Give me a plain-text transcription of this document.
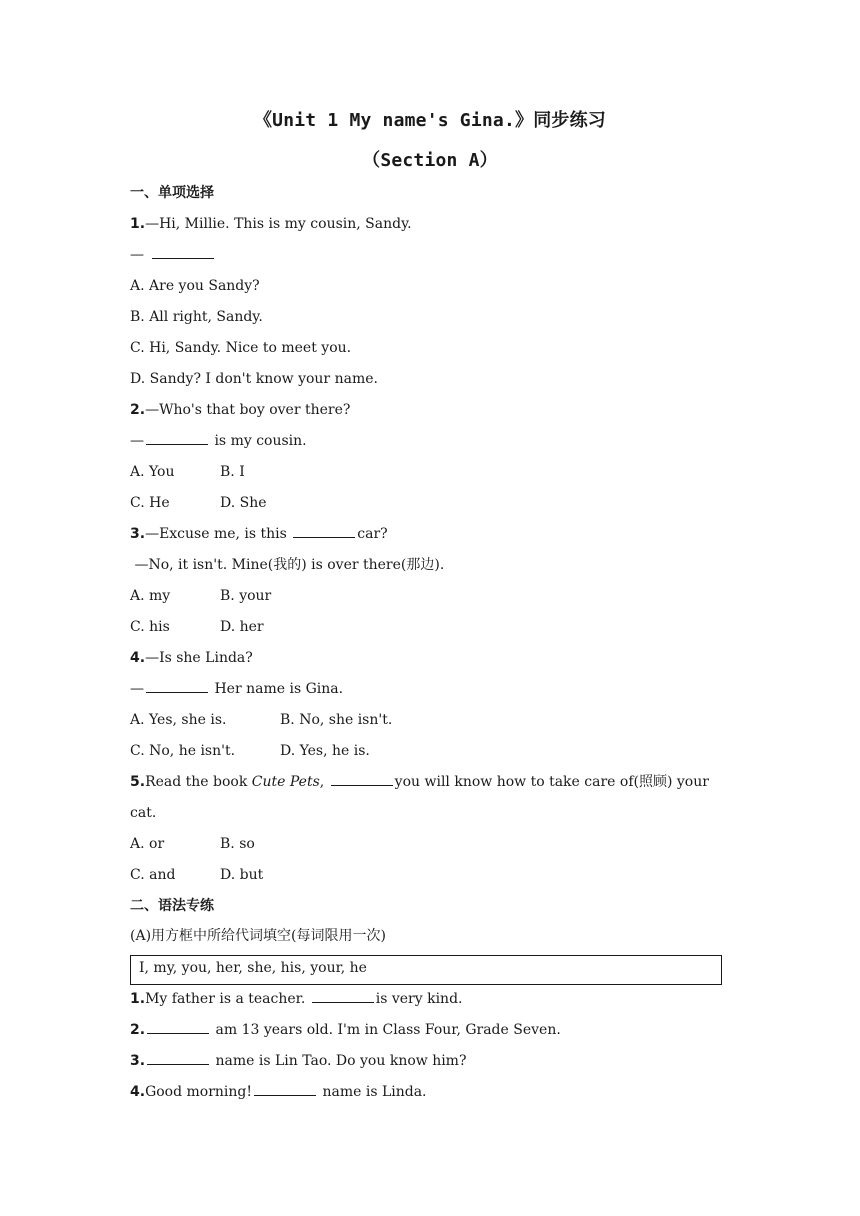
《Unit 1 My name's Gina.》同步练习
（Section A）
一、单项选择
1.—Hi, Millie. This is my cousin, Sandy.
—
A. Are you Sandy?
B. All right, Sandy.
C. Hi, Sandy. Nice to meet you.
D. Sandy? I don't know your name.
2.—Who's that boy over there?
—	is my cousin.
A. You	B. I
C. He	D. She
3.—Excuse me, is this	car?
—No, it isn't. Mine(我的) is over there(那边).
A. my	B. your
C. his	D. her
4.—Is she Linda?
—	Her name is Gina.
A. Yes, she is.	B. No, she isn't.
C. No, he isn't.	D. Yes, he is.
5.Read the book Cute Pets,	you will know how to take care of(照顾) your
cat.
A. or	B. so
C. and	D. but
二、语法专练
(A)用方框中所给代词填空(每词限用一次)
I, my, you, her, she, his, your, he
1.My father is a teacher.	is very kind.
2.	am 13 years old. I'm in Class Four, Grade Seven.
3.	name is Lin Tao. Do you know him?
4.Good morning!	name is Linda.
